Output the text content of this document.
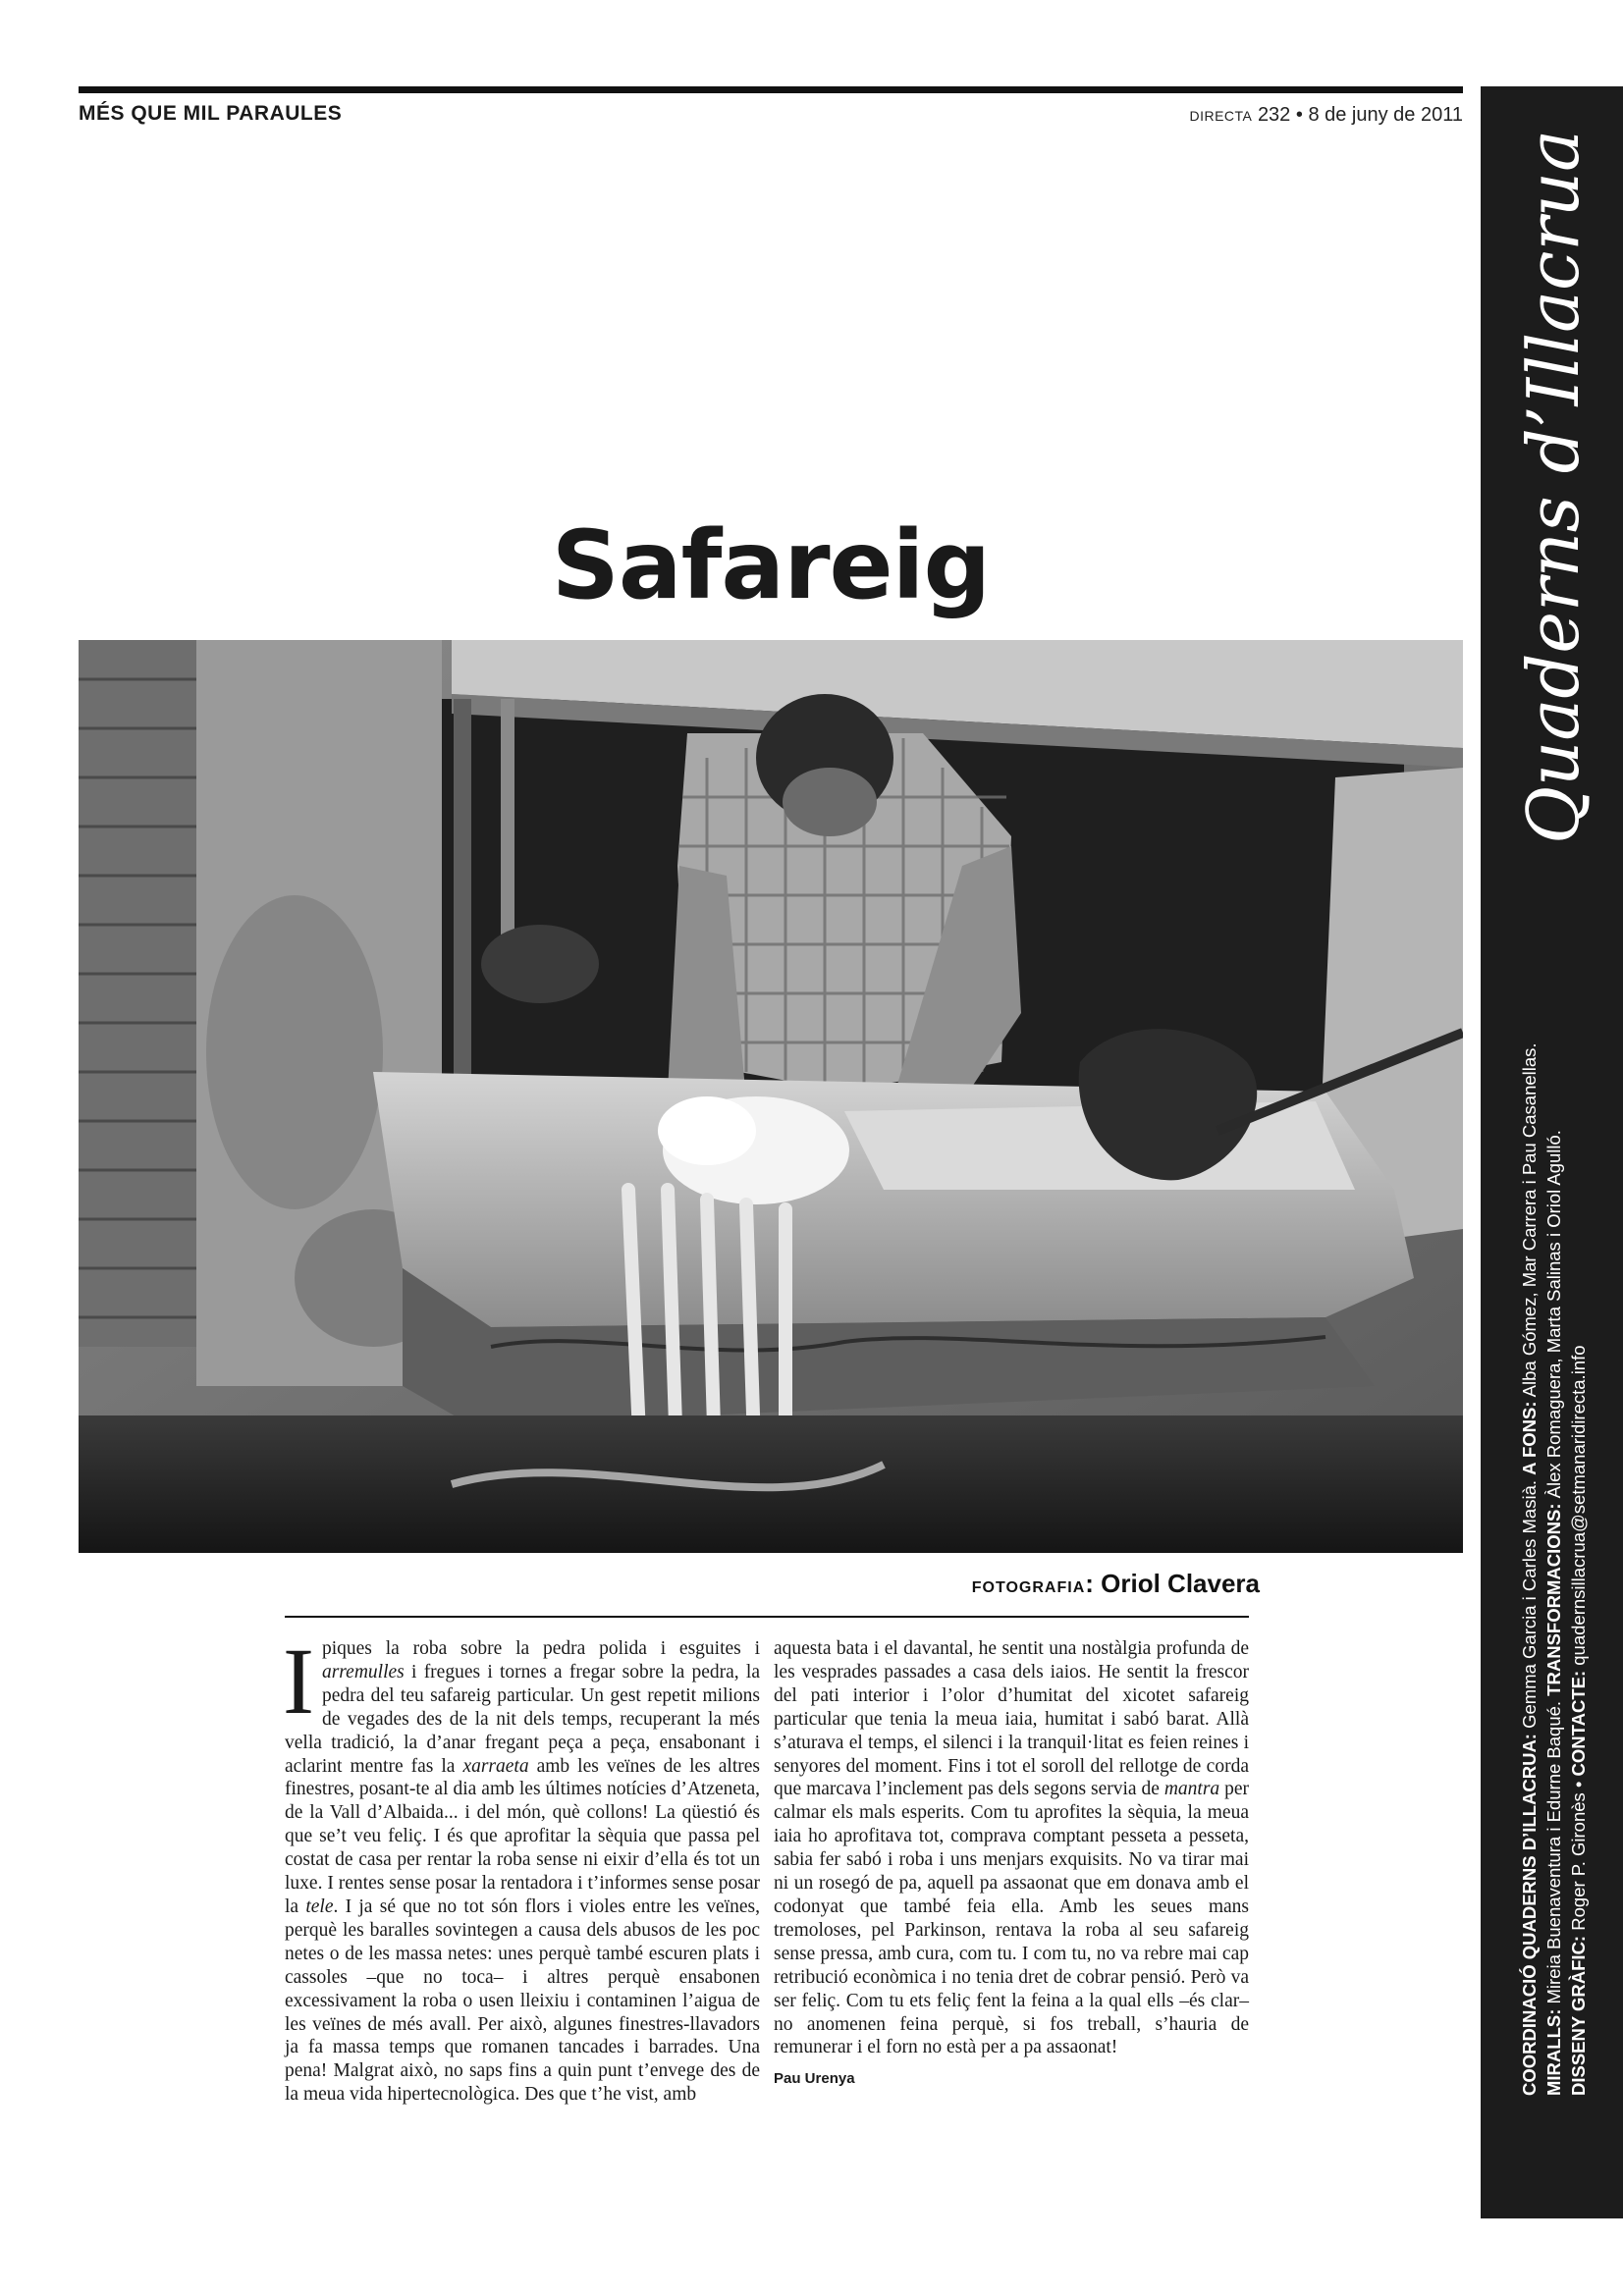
MÉS QUE MIL PARAULES	DIRECTA 232 • 8 de juny de 2011
Quaderns d’Illacrua

COORDINACIÓ QUADERNS D’ILLACRUA: Gemma Garcia i Carles Masià. A FONS: Alba Gómez, Mar Carrera i Pau Casanellas.

MIRALLS: Mireia Buenaventura i Edurne Baqué. TRANSFORMACIONS: Àlex Romaguera, Marta Salinas i Oriol Agulló.

DISSENY GRÀFIC: Roger P. Gironès • CONTACTE: quadernsillacrua@setmanaridirecta.info

Safareig
FOTOGRAFIA: Oriol Clavera

Ipiques la roba sobre la pedra polida i esguites i arremulles i fregues i tornes a fregar sobre la pedra, la pedra del teu safareig particular. Un gest repetit milions de vegades des de la nit dels temps, recuperant la més vella tradició, la d’anar fregant peça a peça, ensabonant i aclarint mentre fas la xarraeta amb les veïnes de les altres finestres, posant-te al dia amb les últimes notícies d’Atzeneta, de la Vall d’Albaida... i del món, què collons! La qüestió és que se’t veu feliç. I és que aprofitar la sèquia que passa pel costat de casa per rentar la roba sense ni eixir d’ella és tot un luxe. I rentes sense posar la rentadora i t’informes sense posar la tele. I ja sé que no tot són flors i violes entre les veïnes, perquè les baralles sovintegen a causa dels abusos de les poc netes o de les massa netes: unes perquè també escuren plats i cassoles –que no toca– i altres perquè ensabonen excessivament la roba o usen lleixiu i contaminen l’aigua de les veïnes de més avall. Per això, algunes finestres-llavadors ja fa massa temps que romanen tancades i barrades. Una pena! Malgrat això, no saps fins a quin punt t’envege des de la meua vida hipertecnològica. Des que t’he vist, amb

aquesta bata i el davantal, he sentit una nostàlgia profunda de les vesprades passades a casa dels iaios. He sentit la frescor del pati interior i l’olor d’humitat del xicotet safareig particular que tenia la meua iaia, humitat i sabó barat. Allà s’aturava el temps, el silenci i la tranquil·litat es feien reines i senyores del moment. Fins i tot el soroll del rellotge de corda que marcava l’inclement pas dels segons servia de mantra per calmar els mals esperits. Com tu aprofites la sèquia, la meua iaia ho aprofitava tot, comprava comptant pesseta a pesseta, sabia fer sabó i roba i uns menjars exquisits. No va tirar mai ni un rosegó de pa, aquell pa assaonat que em donava amb el codonyat que també feia ella. Amb les seues mans tremoloses, pel Parkinson, rentava la roba al seu safareig sense pressa, amb cura, com tu. I com tu, no va rebre mai cap retribució econòmica i no tenia dret de cobrar pensió. Però va ser feliç. Com tu ets feliç fent la feina a la qual ells –és clar– no anomenen feina perquè, si fos treball, s’hauria de remunerar i el forn no està per a pa assaonat!

Pau Urenya
